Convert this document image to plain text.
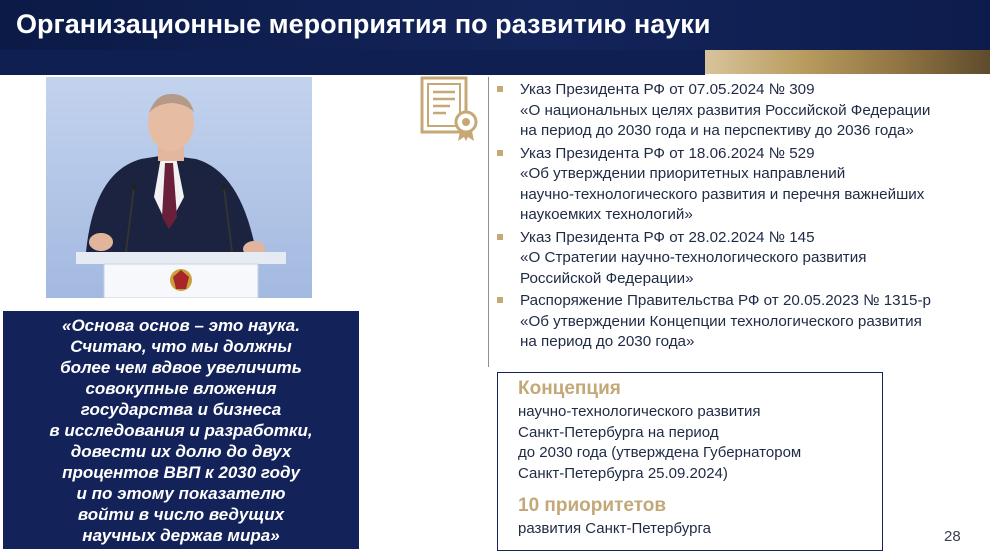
Организационные мероприятия по развитию науки
«Основа основ – это наука.
Считаю, что мы должны
более чем вдвое увеличить
совокупные вложения
государства и бизнеса
в исследования и разработки,
довести их долю до двух
процентов ВВП к 2030 году
и по этому показателю
войти в число ведущих
научных держав мира»
Указ Президента РФ от 07.05.2024 № 309
«О национальных целях развития Российской Федерации
на период до 2030 года и на перспективу до 2036 года»
Указ Президента РФ от 18.06.2024 № 529
«Об утверждении приоритетных направлений
научно-технологического развития и перечня важнейших
наукоемких технологий»
Указ Президента РФ от 28.02.2024 № 145
«О Стратегии научно-технологического развития
Российской Федерации»
Распоряжение Правительства РФ от 20.05.2023 № 1315-р
«Об утверждении Концепции технологического развития
на период до 2030 года»
Концепция
научно-технологического развития
Санкт-Петербурга на период
до 2030 года (утверждена Губернатором
Санкт-Петербурга 25.09.2024)
10 приоритетов
развития Санкт-Петербурга	28
